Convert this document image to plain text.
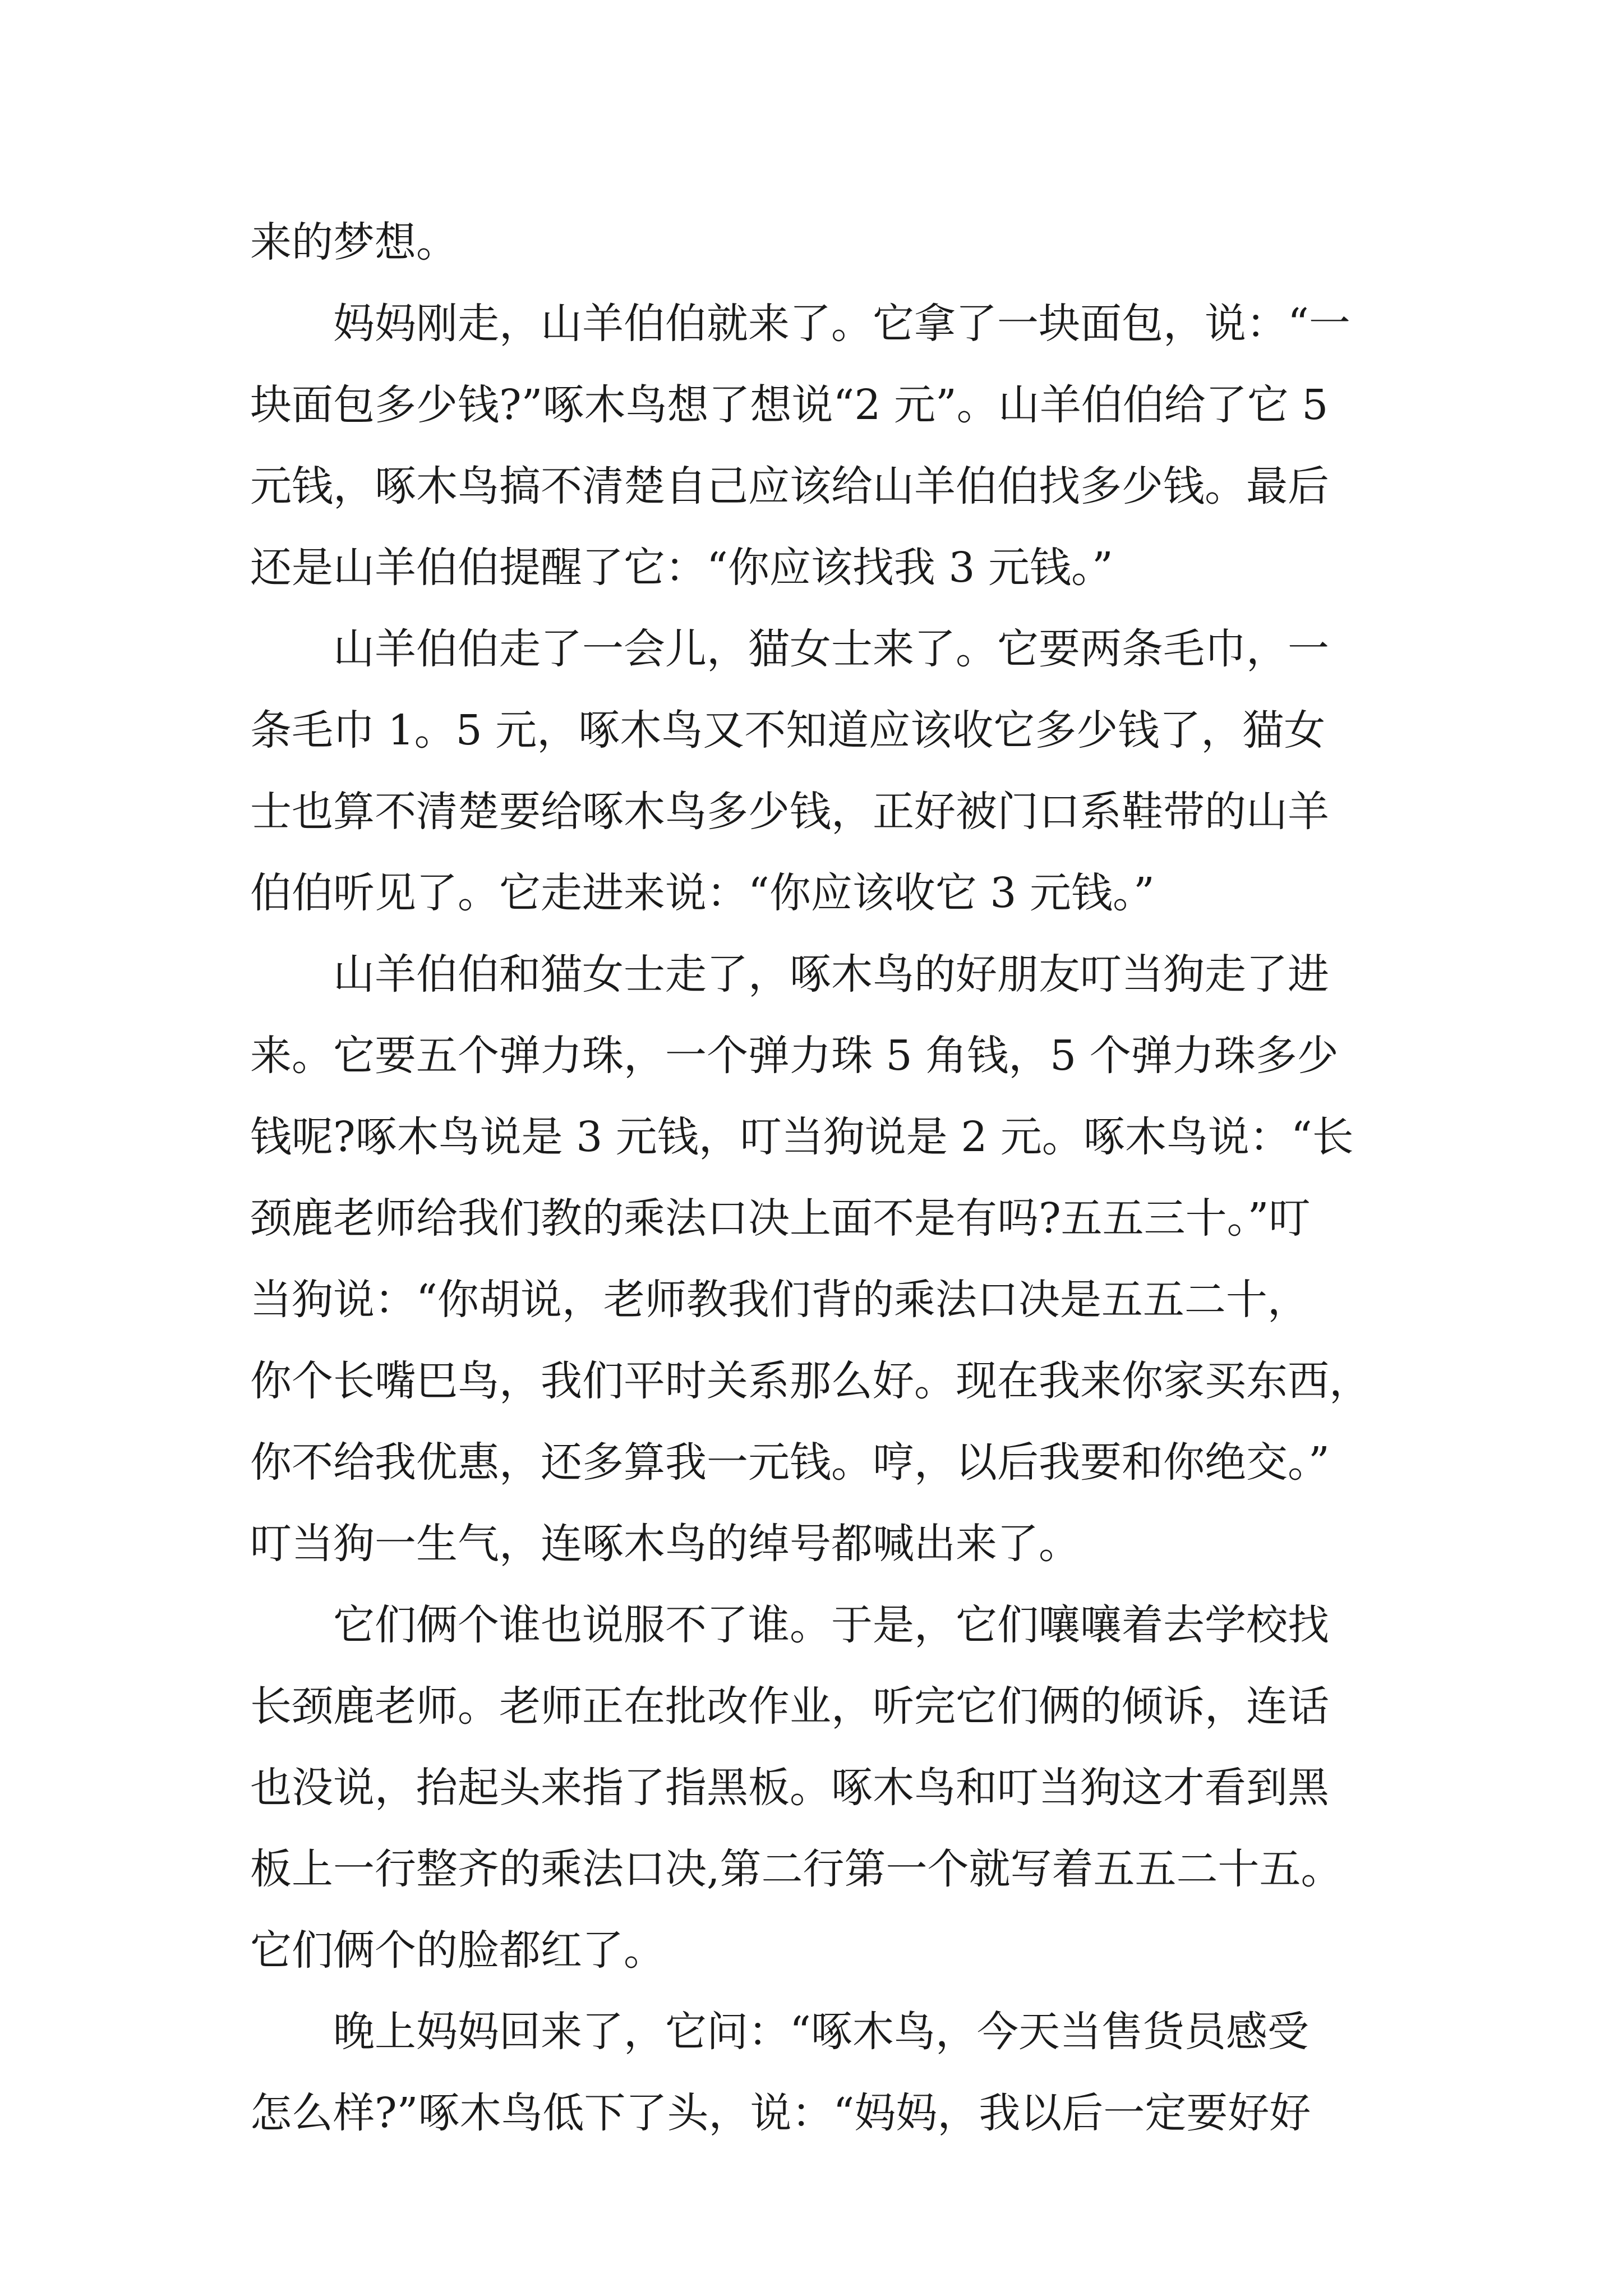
来的梦想。
　　妈妈刚走，山羊伯伯就来了。它拿了一块面包，说：“一
块面包多少钱?”啄木鸟想了想说“2 元”。山羊伯伯给了它 5
元钱，啄木鸟搞不清楚自己应该给山羊伯伯找多少钱。最后
还是山羊伯伯提醒了它：“你应该找我 3 元钱。”
　　山羊伯伯走了一会儿，猫女士来了。它要两条毛巾，一
条毛巾 1。5 元，啄木鸟又不知道应该收它多少钱了，猫女
士也算不清楚要给啄木鸟多少钱，正好被门口系鞋带的山羊
伯伯听见了。它走进来说：“你应该收它 3 元钱。”
　　山羊伯伯和猫女士走了，啄木鸟的好朋友叮当狗走了进
来。它要五个弹力珠，一个弹力珠 5 角钱，5 个弹力珠多少
钱呢?啄木鸟说是 3 元钱，叮当狗说是 2 元。啄木鸟说：“长
颈鹿老师给我们教的乘法口决上面不是有吗?五五三十。”叮
当狗说：“你胡说，老师教我们背的乘法口决是五五二十，
你个长嘴巴鸟，我们平时关系那么好。现在我来你家买东西，
你不给我优惠，还多算我一元钱。哼，以后我要和你绝交。”
叮当狗一生气，连啄木鸟的绰号都喊出来了。
　　它们俩个谁也说服不了谁。于是，它们嚷嚷着去学校找
长颈鹿老师。老师正在批改作业，听完它们俩的倾诉，连话
也没说，抬起头来指了指黑板。啄木鸟和叮当狗这才看到黑
板上一行整齐的乘法口决,第二行第一个就写着五五二十五。
它们俩个的脸都红了。
　　晚上妈妈回来了，它问：“啄木鸟，今天当售货员感受
怎么样?”啄木鸟低下了头，说：“妈妈，我以后一定要好好
